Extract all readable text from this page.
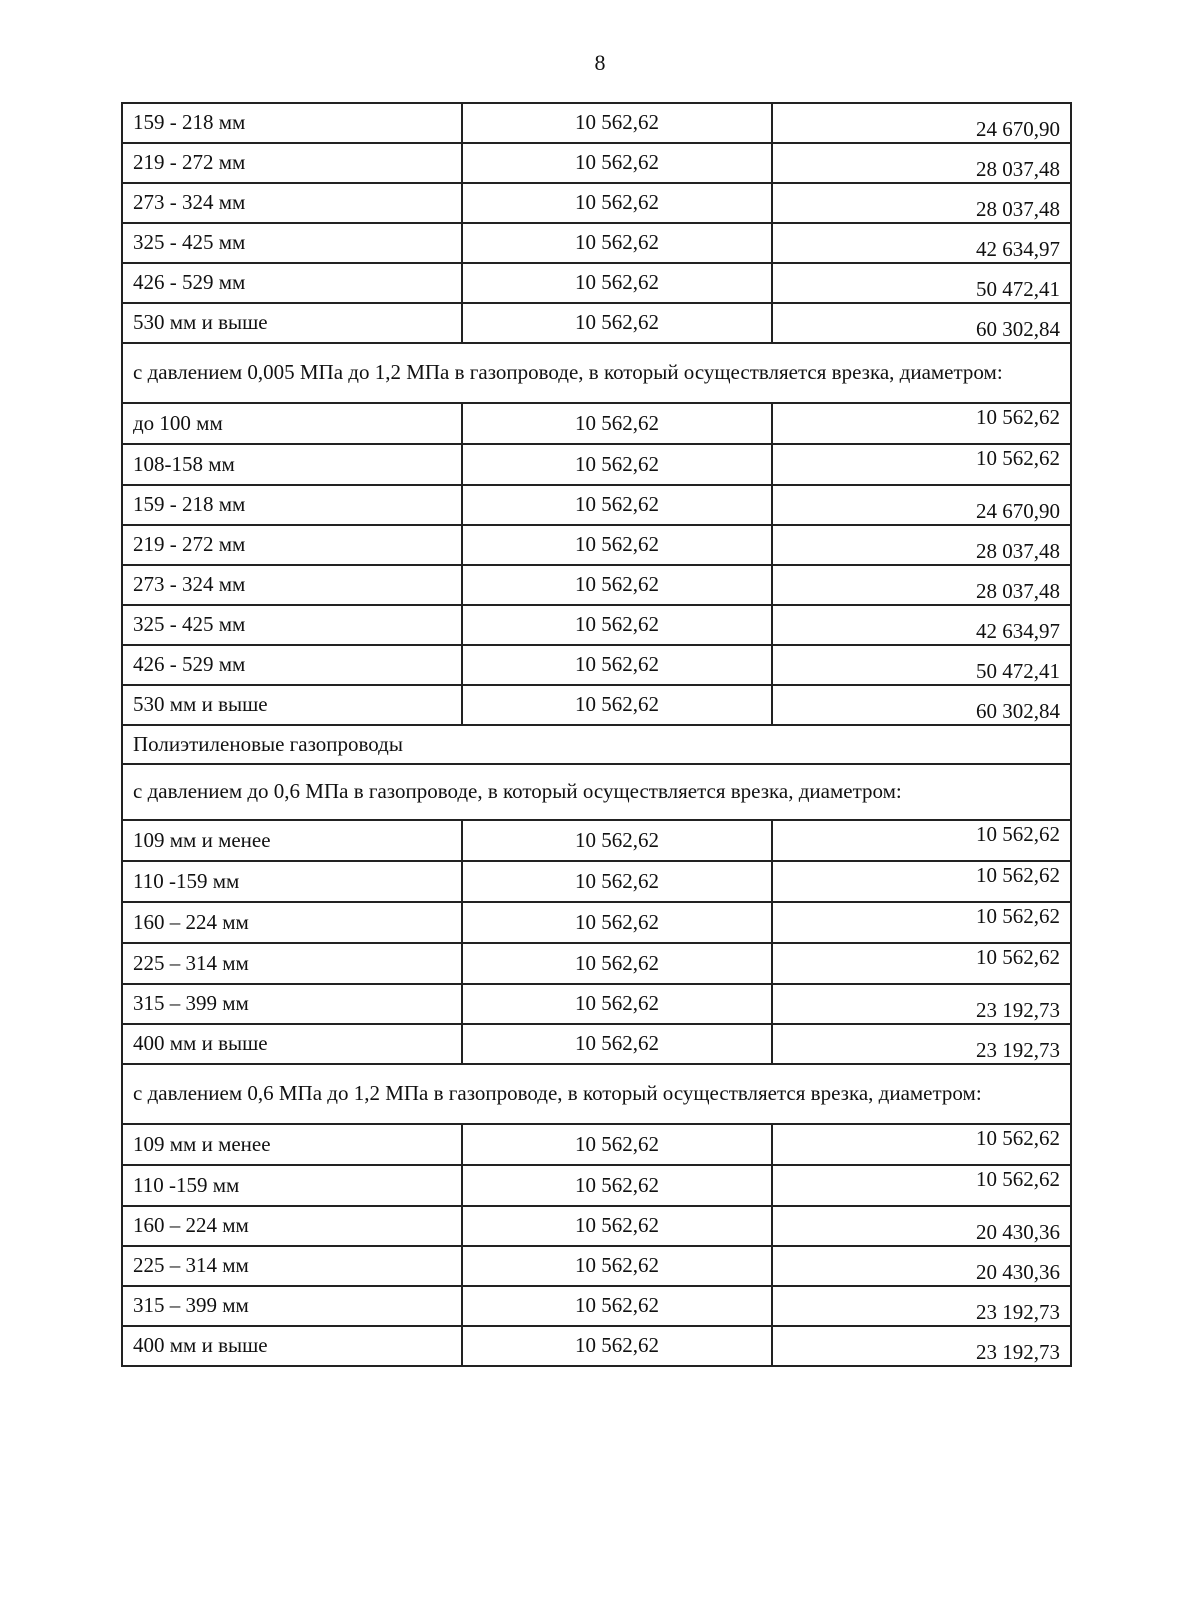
8
159 - 218 мм	10 562,62	24 670,90
219 - 272 мм	10 562,62	28 037,48
273 - 324 мм	10 562,62	28 037,48
325 - 425 мм	10 562,62	42 634,97
426 - 529 мм	10 562,62	50 472,41
530 мм и выше	10 562,62	60 302,84
с давлением 0,005 МПа до 1,2 МПа в газопроводе, в который осуществляется врезка, диаметром:		
до 100 мм	10 562,62	10 562,62
108-158 мм	10 562,62	10 562,62
159 - 218 мм	10 562,62	24 670,90
219 - 272 мм	10 562,62	28 037,48
273 - 324 мм	10 562,62	28 037,48
325 - 425 мм	10 562,62	42 634,97
426 - 529 мм	10 562,62	50 472,41
530 мм и выше	10 562,62	60 302,84
Полиэтиленовые газопроводы		
с давлением до 0,6 МПа в газопроводе, в который осуществляется врезка, диаметром:		
109 мм и менее	10 562,62	10 562,62
110 -159 мм	10 562,62	10 562,62
160 – 224 мм	10 562,62	10 562,62
225 – 314 мм	10 562,62	10 562,62
315 – 399 мм	10 562,62	23 192,73
400 мм и выше	10 562,62	23 192,73
с давлением 0,6 МПа до 1,2 МПа в газопроводе, в который осуществляется врезка, диаметром:		
109 мм и менее	10 562,62	10 562,62
110 -159 мм	10 562,62	10 562,62
160 – 224 мм	10 562,62	20 430,36
225 – 314 мм	10 562,62	20 430,36
315 – 399 мм	10 562,62	23 192,73
400 мм и выше	10 562,62	23 192,73
